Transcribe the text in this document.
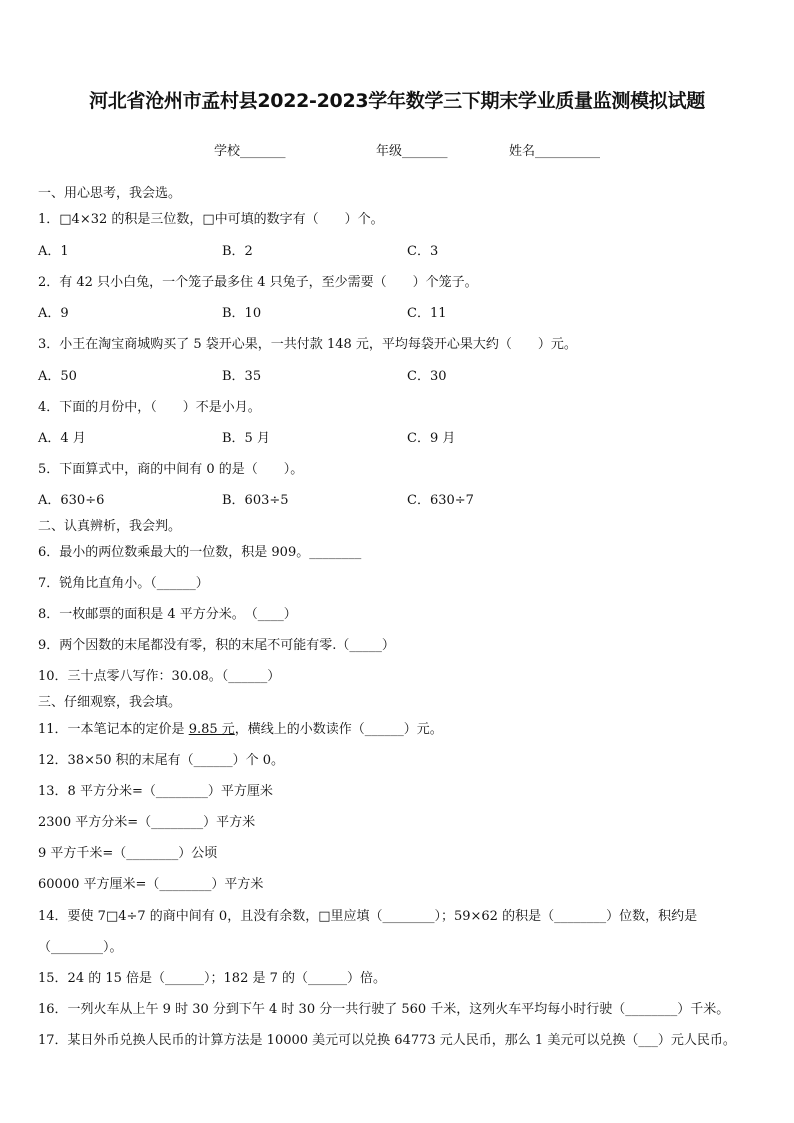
河北省沧州市孟村县2022-2023学年数学三下期末学业质量监测模拟试题
学校_______	年级_______	姓名__________
一、用心思考，我会选。
1．□4×32 的积是三位数，□中可填的数字有（　　）个。
A．1	B．2	C．3
2．有 42 只小白兔，一个笼子最多住 4 只兔子，至少需要（　　）个笼子。
A．9	B．10	C．11
3．小王在淘宝商城购买了 5 袋开心果，一共付款 148 元，平均每袋开心果大约（　　）元。
A．50	B．35	C．30
4．下面的月份中，（　　）不是小月。
A．4 月	B．5 月	C．9 月
5．下面算式中，商的中间有 0 的是（　　）。
A．630÷6	B．603÷5	C．630÷7
二、认真辨析，我会判。
6．最小的两位数乘最大的一位数，积是 909。________
7．锐角比直角小。（______）
8．一枚邮票的面积是 4 平方分米。　（____）
9．两个因数的末尾都没有零，积的末尾不可能有零.（_____）
10．三十点零八写作：30.08。（______）
三、仔细观察，我会填。
11．一本笔记本的定价是 9.85 元，横线上的小数读作（______）元。
12．38×50 积的末尾有（______）个 0。
13．8 平方分米=（________）平方厘米
2300 平方分米=（________）平方米
9 平方千米=（________）公顷
60000 平方厘米=（________）平方米
14．要使 7□4÷7 的商中间有 0，且没有余数，□里应填（________）；59×62 的积是（________）位数，积约是
（________）。
15．24 的 15 倍是（______）；182 是 7 的（______）倍。
16．一列火车从上午 9 时 30 分到下午 4 时 30 分一共行驶了 560 千米，这列火车平均每小时行驶（________）千米。
17．某日外币兑换人民币的计算方法是 10000 美元可以兑换 64773 元人民币，那么 1 美元可以兑换（___）元人民币。
